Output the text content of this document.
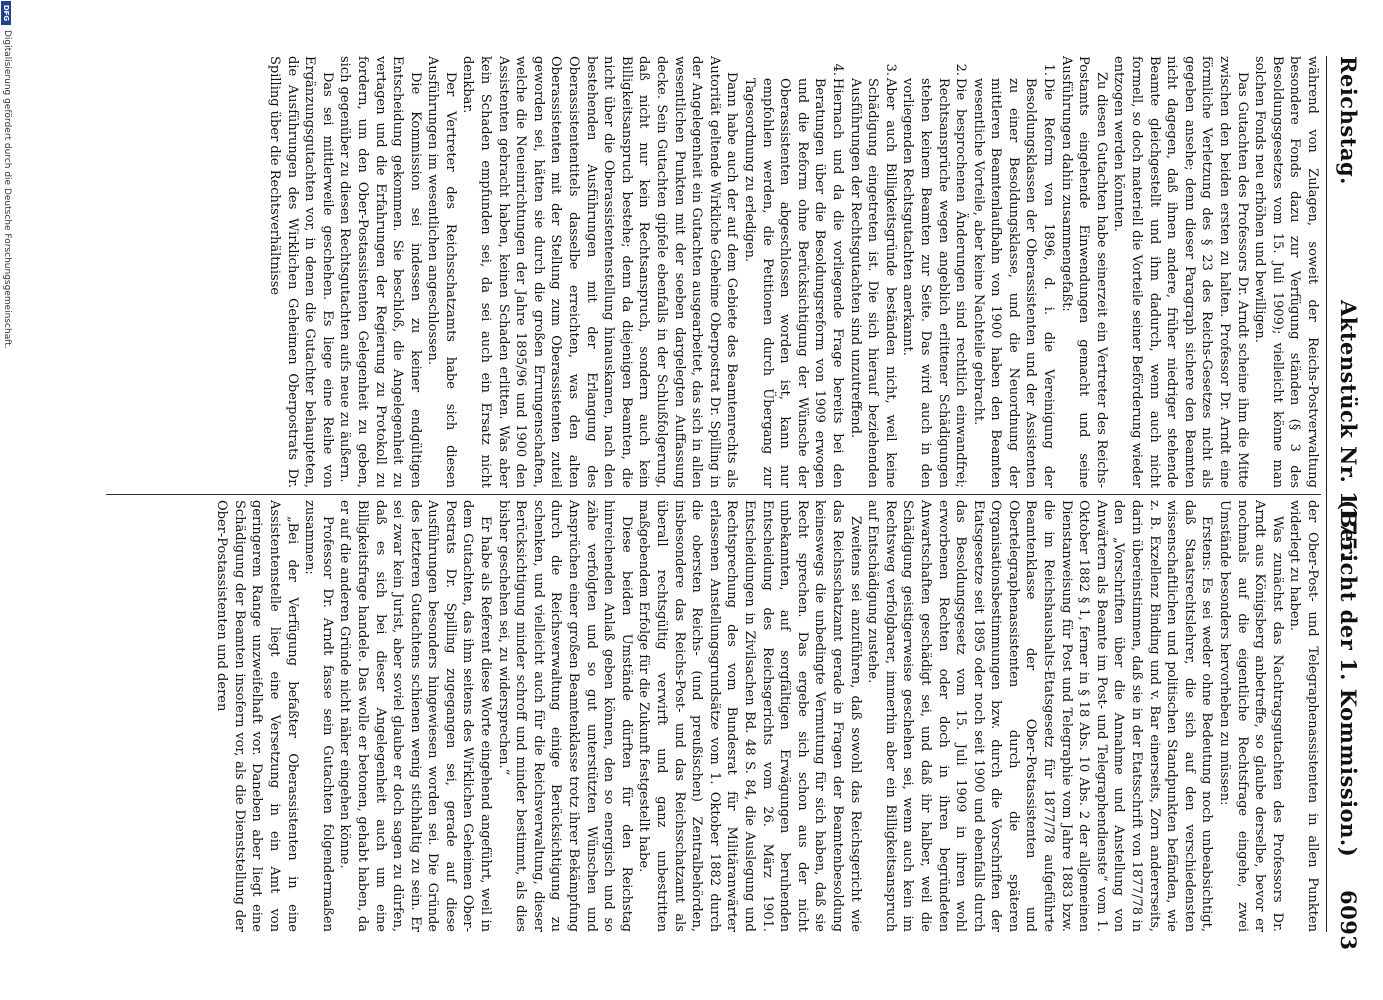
Reichstag.
Aktenstück Nr. 1175.
(Bericht der 1. Kommission.)
6093

während von Zulagen, soweit der Reichs-Postverwaltung besondere Fonds dazu zur Verfügung ständen (§ 3 des Besoldungsgesetzes vom 15. Juli 1909); vielleicht könne man solchen Fonds neu erhöhen und bewilligen.

Das Gutachten des Professors Dr. Arndt scheine ihm die Mitte zwischen den beiden ersten zu halten. Professor Dr. Arndt eine förmliche Verletzung des § 23 des Reichs-Gesetzes nicht als gegeben ansehe; denn dieser Paragraph sichere den Beamten nicht dagegen, daß ihnen andere, früher niedriger stehende Beamte gleichgestellt und ihm dadurch, wenn auch nicht formell, so doch materiell die Vorteile seiner Beförderung wieder entzogen werden könnten.

Zu diesen Gutachten habe seinerzeit ein Vertreter des Reichs-Postamts eingehende Einwendungen gemacht und seine Ausführungen dahin zusammengefaßt:

1.
Die Reform von 1896, d. i. die Vereinigung der Besoldungsklassen der Oberassistenten und der Assistenten zu einer Besoldungsklasse, und die Neuordnung der mittleren Beamtenlaufbahn von 1900 haben den Beamten wesentliche Vorteile, aber keine Nachteile gebracht.

2.
Die besprochenen Änderungen sind rechtlich einwandfrei; Rechtsansprüche wegen angeblich erlittener Schädigungen stehen keinem Beamten zur Seite. Das wird auch in den vorliegenden Rechtsgutachten anerkannt.

3.
Aber auch Billigkeitsgründe beständen nicht, weil keine Schädigung eingetreten ist. Die sich hierauf beziehenden Ausführungen der Rechtsgutachten sind unzutreffend.

4.
Hiernach und da die vorliegende Frage bereits bei den Beratungen über die Besoldungsreform von 1909 erwogen und die Reform ohne Berücksichtigung der Wünsche der Oberassistenten abgeschlossen worden ist, kann nur empfohlen werden, die Petitionen durch Übergang zur Tagesordnung zu erledigen.

Dann habe auch der auf dem Gebiete des Beamtenrechts als Autorität geltende Wirkliche Geheime Oberpostrat Dr. Spilling in der Angelegenheit ein Gutachten ausgearbeitet, das sich in allen wesentlichen Punkten mit der soeben dargelegten Auffassung decke. Sein Gutachten gipfele ebenfalls in der Schlußfolgerung, daß nicht nur kein Rechtsanspruch, sondern auch kein Billigkeitsanspruch bestehe; denn da diejenigen Beamten, die nicht über die Oberassistentenstellung hinauskamen, nach den bestehenden Ausführungen mit der Erlangung des Oberassistententitels dasselbe erreichten, was den alten Oberassistenten mit der Stellung zum Oberassistenten zuteil geworden sei, hätten sie durch die großen Errungenschaften, welche die Neueinrichtungen der Jahre 1895/96 und 1900 den Assistenten gebracht haben, keinen Schaden erlitten. Was aber kein Schaden empfunden sei, da sei auch ein Ersatz nicht denkbar.

Der Vertreter des Reichsschatzamts habe sich diesen Ausführungen im wesentlichen angeschlossen.

Die Kommission sei indessen zu keiner endgültigen Entscheidung gekommen. Sie beschloß, die Angelegenheit zu vertagen und die Erfahrungen der Regierung zu Protokoll zu fordern, um den Ober-Postassistenten Gelegenheit zu geben, sich gegenüber zu diesen Rechtsgutachten aufs neue zu äußern.

Das sei mittlerweile geschehen. Es liege eine Reihe von Ergänzungsgutachten vor, in denen die Gutachter behaupteten, die Ausführungen des Wirklichen Geheimen Oberpostrats Dr. Spilling über die Rechtsverhältnisse

der Ober-Post- und Telegraphenassistenten in allen Punkten widerlegt zu haben.

Was zunächst das Nachtragsgutachten des Professors Dr. Arndt aus Königsberg anbetreffe, so glaube derselbe, bevor er nochmals auf die eigentliche Rechtsfrage eingehe, zwei Umstände besonders hervorheben zu müssen:

Erstens: Es sei weder ohne Bedeutung noch unbeabsichtigt, daß Staatsrechtslehrer, die sich auf den verschiedensten wissenschaftlichen und politischen Standpunkten befänden, wie z. B. Exzellenz Binding und v. Bar einerseits, Zorn andererseits, darin übereinstimmen, daß sie in der Etatsschrift von 1877/78 in den „Vorschriften über die Annahme und Anstellung von Anwärtern als Beamte im Post- und Telegraphendienste“ vom 1. Oktober 1882 § 1, ferner in § 18 Abs. 10 Abs. 2 der allgemeinen Dienstanweisung für Post und Telegraphie vom Jahre 1883 bzw. die im Reichshaushalts-Etatsgesetz für 1877/78 aufgeführte Beamtenklasse der Ober-Postassistenten und Obertelegraphenassistenten durch die späteren Organisationsbestimmungen bzw. durch die Vorschriften der Etatsgesetze seit 1895 oder noch seit 1900 und ebenfalls durch das Besoldungsgesetz vom 15. Juli 1909 in ihren wohl erworbenen Rechten oder doch in ihren begründeten Anwartschaften geschädigt sei, und daß ihr halber, weil die Schädigung geistigerweise geschehen sei, wenn auch kein im Rechtsweg verfolgbarer, immerhin aber ein Billigkeitsanspruch auf Entschädigung zustehe.

Zweitens sei anzuführen, daß sowohl das Reichsgericht wie das Reichsschatzamt gerade in Fragen der Beamtenbesoldung keineswegs die unbedingte Vermutung für sich haben, daß sie Recht sprechen. Das ergebe sich schon aus der nicht unbekannten, auf sorgfältigen Erwägungen beruhenden Entscheidung des Reichsgerichts vom 26. März 1901. Entscheidungen in Zivilsachen Bd. 48 S. 84, die Auslegung und Rechtsprechung des vom Bundesrat für Militäranwärter erlassenen Anstellungsgrundsätze vom 1. Oktober 1882 durch die obersten Reichs- (und preußischen) Zentralbehörden, insbesondere das Reichs-Post- und das Reichsschatzamt als überall rechtsgültig verwirft und ganz unbestritten maßgebendem Erfolge für die Zukunft festgestellt habe.

Diese beiden Umstände dürften für den Reichstag hinreichenden Anlaß geben können, den so energisch und so zähe verfolgten und so gut unterstützten Wünschen und Ansprüchen einer großen Beamtenklasse trotz ihrer Bekämpfung durch die Reichsverwaltung einige Berücksichtigung zu schenken, und vielleicht auch für die Reichsverwaltung, dieser Berücksichtigung minder schroff und minder bestimmt, als dies bisher geschehen sei, zu widersprechen.“

Er habe als Referent diese Worte eingehend angeführt, weil in dem Gutachten, das ihm seitens des Wirklichen Geheimen Ober-Postrats Dr. Spilling zugegangen sei, gerade auf diese Ausführungen besonders hingewiesen worden sei. Die Gründe des letzteren Gutachtens schienen wenig stichhaltig zu sein. Er sei zwar kein Jurist, aber soviel glaube er doch sagen zu dürfen, daß es sich bei dieser Angelegenheit auch um eine Billigkeitsfrage handele. Das wolle er betonen, gehabt haben, da er auf die anderen Gründe nicht näher eingehen könne.

Professor Dr. Arndt fasse sein Gutachten folgendermaßen zusammen:

„Bei der Verfügung befaßter Oberassistenten in eine Assistentenstelle liegt eine Versetzung in ein Amt von geringerem Range unzweifelhaft vor. Daneben aber liegt eine Schädigung der Beamten insofern vor, als die Dienststellung der Ober-Postassistenten und deren

DFG
Digitalisierung gefördert durch die Deutsche Forschungsgemeinschaft.
